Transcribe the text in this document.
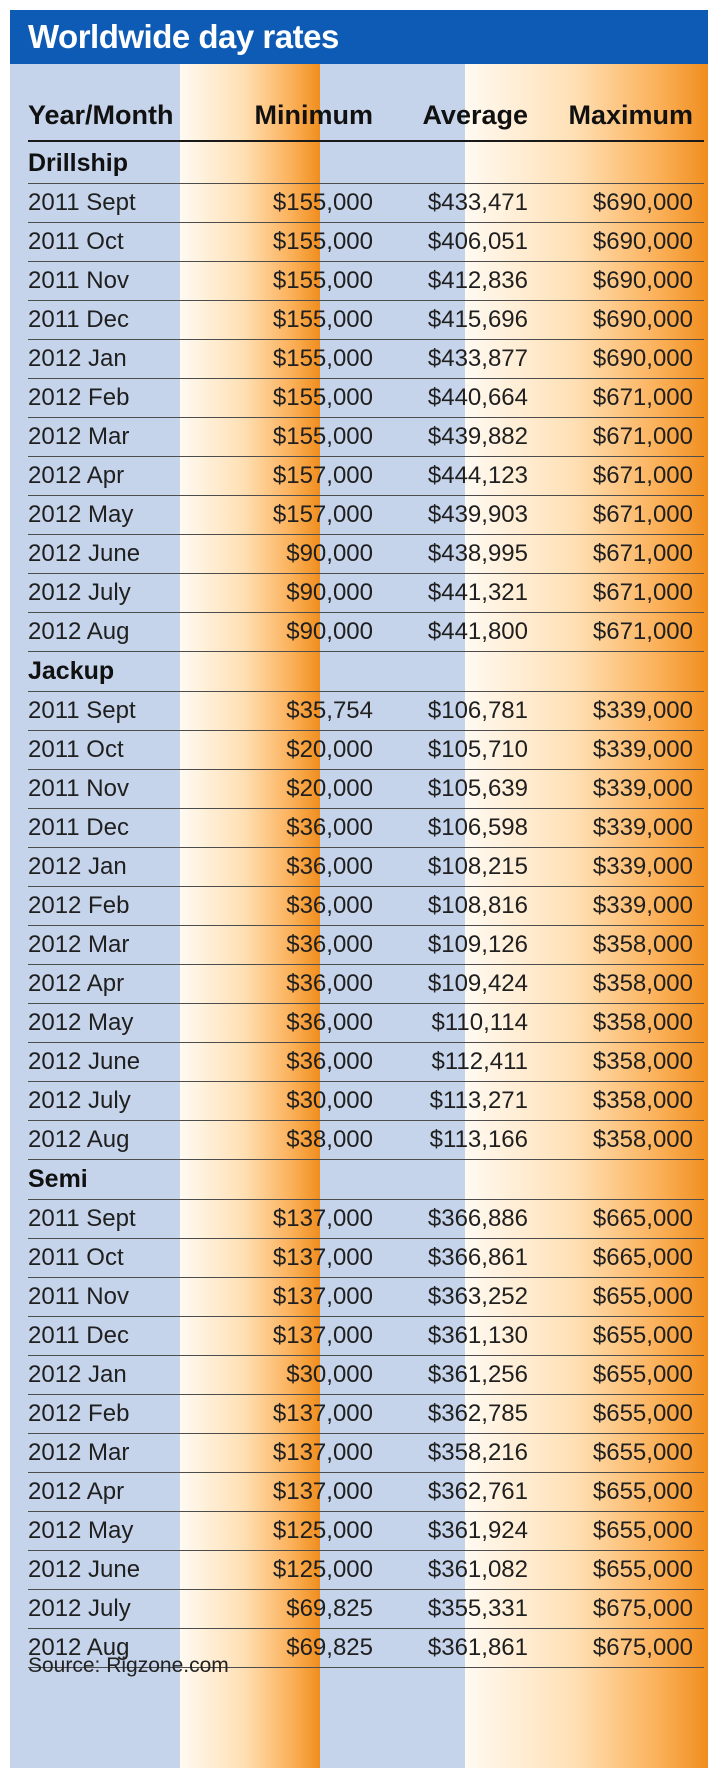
Worldwide day rates
Year/Month	Minimum	Average	Maximum
Drillship
2011 Sept	$155,000	$433,471	$690,000
2011 Oct	$155,000	$406,051	$690,000
2011 Nov	$155,000	$412,836	$690,000
2011 Dec	$155,000	$415,696	$690,000
2012 Jan	$155,000	$433,877	$690,000
2012 Feb	$155,000	$440,664	$671,000
2012 Mar	$155,000	$439,882	$671,000
2012 Apr	$157,000	$444,123	$671,000
2012 May	$157,000	$439,903	$671,000
2012 June	$90,000	$438,995	$671,000
2012 July	$90,000	$441,321	$671,000
2012 Aug	$90,000	$441,800	$671,000
Jackup
2011 Sept	$35,754	$106,781	$339,000
2011 Oct	$20,000	$105,710	$339,000
2011 Nov	$20,000	$105,639	$339,000
2011 Dec	$36,000	$106,598	$339,000
2012 Jan	$36,000	$108,215	$339,000
2012 Feb	$36,000	$108,816	$339,000
2012 Mar	$36,000	$109,126	$358,000
2012 Apr	$36,000	$109,424	$358,000
2012 May	$36,000	$110,114	$358,000
2012 June	$36,000	$112,411	$358,000
2012 July	$30,000	$113,271	$358,000
2012 Aug	$38,000	$113,166	$358,000
Semi
2011 Sept	$137,000	$366,886	$665,000
2011 Oct	$137,000	$366,861	$665,000
2011 Nov	$137,000	$363,252	$655,000
2011 Dec	$137,000	$361,130	$655,000
2012 Jan	$30,000	$361,256	$655,000
2012 Feb	$137,000	$362,785	$655,000
2012 Mar	$137,000	$358,216	$655,000
2012 Apr	$137,000	$362,761	$655,000
2012 May	$125,000	$361,924	$655,000
2012 June	$125,000	$361,082	$655,000
2012 July	$69,825	$355,331	$675,000
2012 Aug	$69,825	$361,861	$675,000
Source: Rigzone.com
